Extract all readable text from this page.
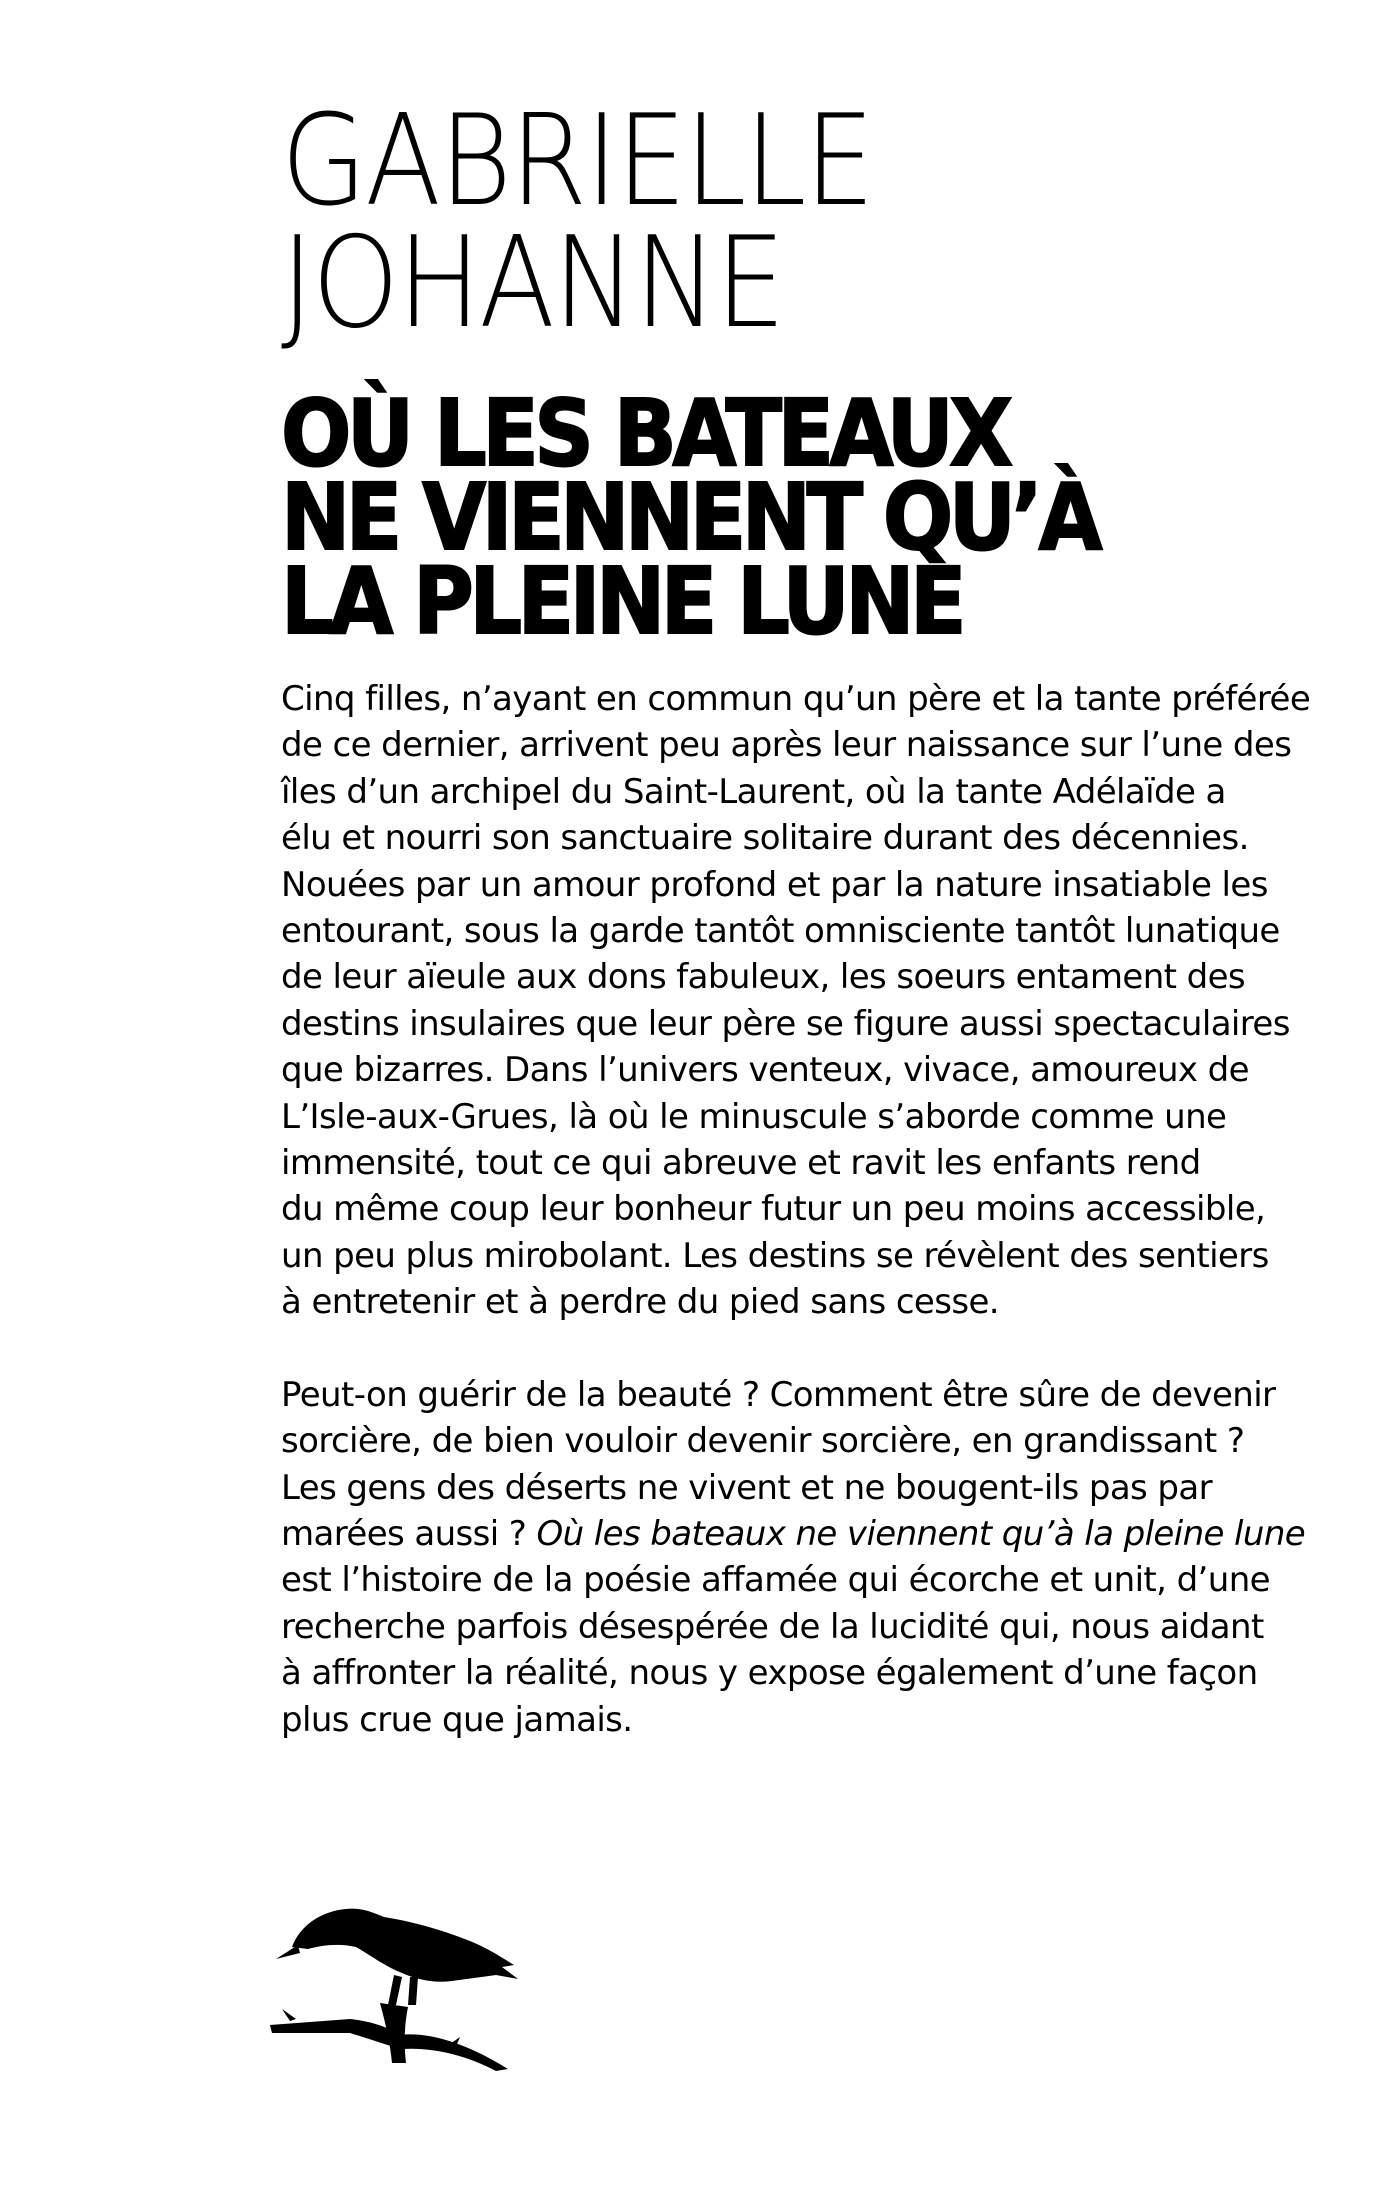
GABRIELLE
JOHANNE
OÙ LES BATEAUX
NE VIENNENT QU’À
LA PLEINE LUNE
Cinq filles, n’ayant en commun qu’un père et la tante préférée
de ce dernier, arrivent peu après leur naissance sur l’une des
îles d’un archipel du Saint-Laurent, où la tante Adélaïde a
élu et nourri son sanctuaire solitaire durant des décennies.
Nouées par un amour profond et par la nature insatiable les
entourant, sous la garde tantôt omnisciente tantôt lunatique
de leur aïeule aux dons fabuleux, les soeurs entament des
destins insulaires que leur père se figure aussi spectaculaires
que bizarres. Dans l’univers venteux, vivace, amoureux de
L’Isle-aux-Grues, là où le minuscule s’aborde comme une
immensité, tout ce qui abreuve et ravit les enfants rend
du même coup leur bonheur futur un peu moins accessible,
un peu plus mirobolant. Les destins se révèlent des sentiers
à entretenir et à perdre du pied sans cesse.
Peut-on guérir de la beauté ? Comment être sûre de devenir
sorcière, de bien vouloir devenir sorcière, en grandissant ?
Les gens des déserts ne vivent et ne bougent-ils pas par
marées aussi ? Où les bateaux ne viennent qu’à la pleine lune
est l’histoire de la poésie affamée qui écorche et unit, d’une
recherche parfois désespérée de la lucidité qui, nous aidant
à affronter la réalité, nous y expose également d’une façon
plus crue que jamais.
